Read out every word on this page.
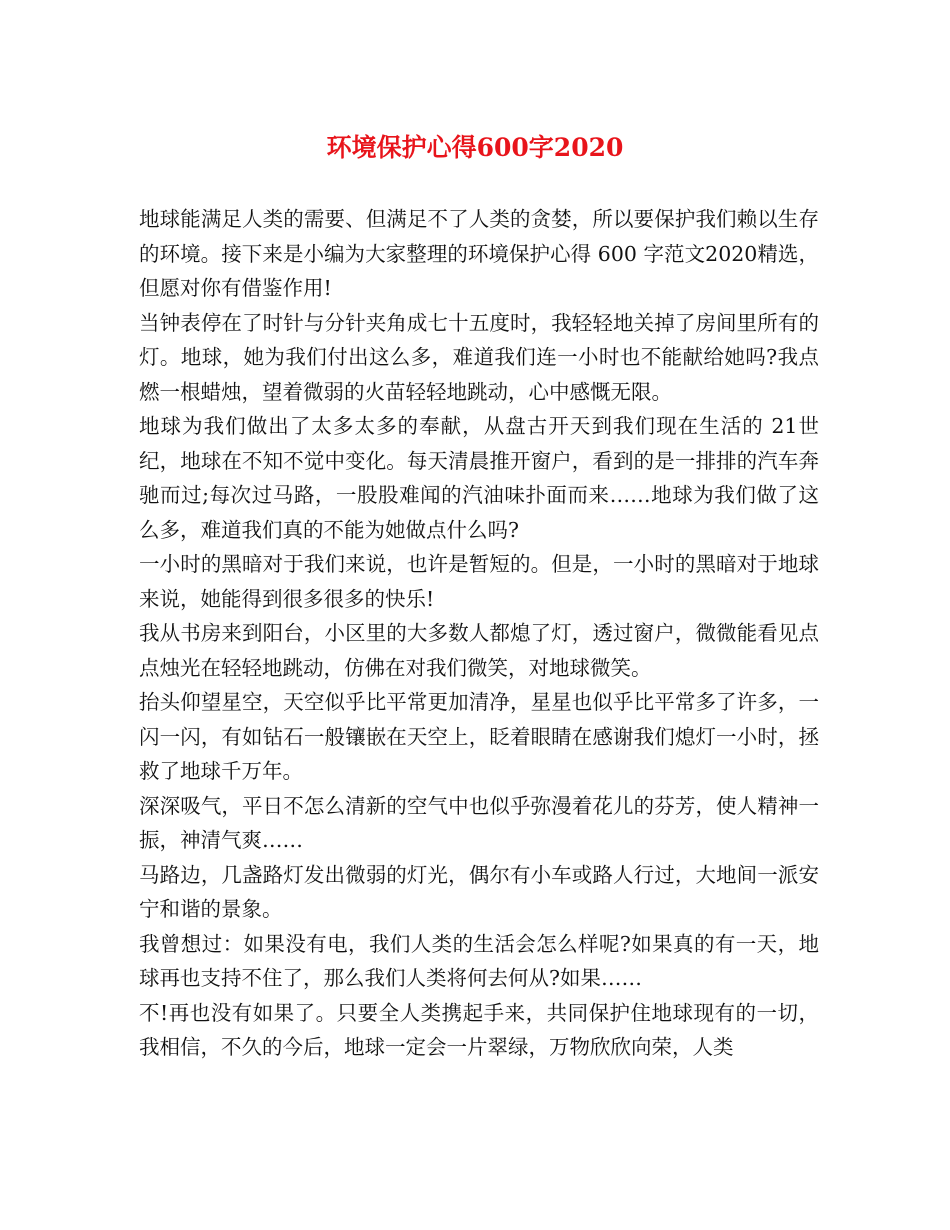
环境保护心得600字2020

地球能满足人类的需要、但满足不了人类的贪婪，所以要保护我们赖以生存的环境。接下来是小编为大家整理的环境保护心得 600 字范文2020精选，但愿对你有借鉴作用!

当钟表停在了时针与分针夹角成七十五度时，我轻轻地关掉了房间里所有的灯。地球，她为我们付出这么多，难道我们连一小时也不能献给她吗?我点燃一根蜡烛，望着微弱的火苗轻轻地跳动，心中感慨无限。

地球为我们做出了太多太多的奉献，从盘古开天到我们现在生活的 21世纪，地球在不知不觉中变化。每天清晨推开窗户，看到的是一排排的汽车奔驰而过;每次过马路，一股股难闻的汽油味扑面而来……地球为我们做了这么多，难道我们真的不能为她做点什么吗?

一小时的黑暗对于我们来说，也许是暂短的。但是，一小时的黑暗对于地球来说，她能得到很多很多的快乐!

我从书房来到阳台，小区里的大多数人都熄了灯，透过窗户，微微能看见点点烛光在轻轻地跳动，仿佛在对我们微笑，对地球微笑。

抬头仰望星空，天空似乎比平常更加清净，星星也似乎比平常多了许多，一闪一闪，有如钻石一般镶嵌在天空上，眨着眼睛在感谢我们熄灯一小时，拯救了地球千万年。

深深吸气，平日不怎么清新的空气中也似乎弥漫着花儿的芬芳，使人精神一振，神清气爽……

马路边，几盏路灯发出微弱的灯光，偶尔有小车或路人行过，大地间一派安宁和谐的景象。

我曾想过：如果没有电，我们人类的生活会怎么样呢?如果真的有一天，地球再也支持不住了，那么我们人类将何去何从?如果……

不!再也没有如果了。只要全人类携起手来，共同保护住地球现有的一切，我相信，不久的今后，地球一定会一片翠绿，万物欣欣向荣，人类
